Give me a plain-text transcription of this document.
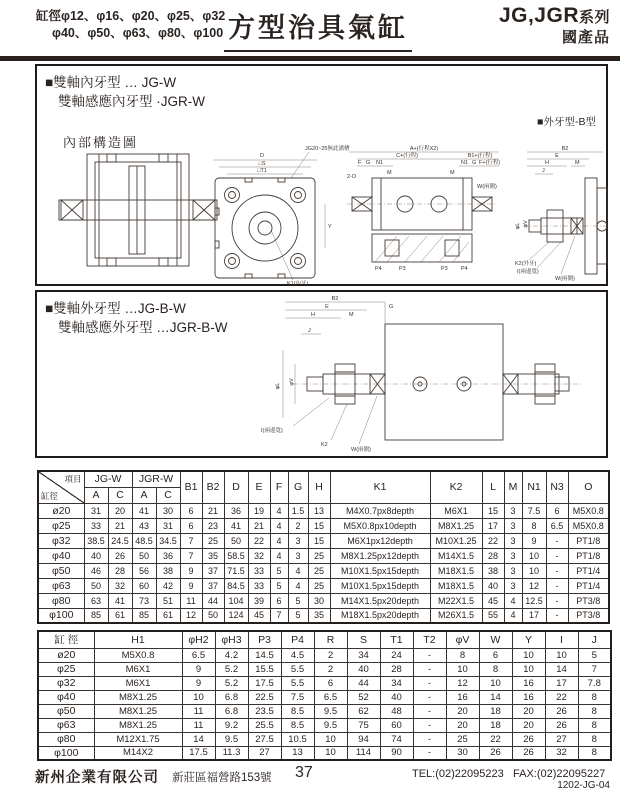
缸徑φ12、φ16、φ20、φ25、φ32
φ40、φ50、φ63、φ80、φ100 方型治具氣缸	JG,JGR系列
國產品
■雙軸內牙型 … JG-W
雙軸感應內牙型 ·JGR-W
■外牙型-B型
內部構造圖
D
□S
□T1
JG20~25無此溝槽
Y
K1(內牙)
A+(行程X2)
C+(行程)	B1+(行程)
F G N1	N1 G F+(行程)
M	M
2-O
W(兩側)
P4	P3	P3 P4
B2
E
H	M
J
φL φV
K2(外牙)
I(兩邊寬)
W(兩側)
■雙軸外牙型 …JG-B-W
雙軸感應外牙型 …JGR-B-W
B2
E	G
H	M
J
φL
φV
I(兩邊寬)
K2
W(兩側)
項目
缸徑	JG-W		JGR-W		B1	B2	D	E	F	G	H	K1	K2	L	M	N1	N3	O
	A	C	A	C														
ø20	31	20	41	30	6	21	36	19	4	1.5	13	M4X0.7px8depth	M6X1	15	3	7.5	6	M5X0.8
φ25	33	21	43	31	6	23	41	21	4	2	15	M5X0.8px10depth	M8X1.25	17	3	8	6.5	M5X0.8
φ32	38.5	24.5	48.5	34.5	7	25	50	22	4	3	15	M6X1px12depth	M10X1.25	22	3	9	-	PT1/8
φ40	40	26	50	36	7	35	58.5	32	4	3	25	M8X1.25px12depth	M14X1.5	28	3	10	-	PT1/8
φ50	46	28	56	38	9	37	71.5	33	5	4	25	M10X1.5px15depth	M18X1.5	38	3	10	-	PT1/4
φ63	50	32	60	42	9	37	84.5	33	5	4	25	M10X1.5px15depth	M18X1.5	40	3	12	-	PT1/4
φ80	63	41	73	51	11	44	104	39	6	5	30	M14X1.5px20depth	M22X1.5	45	4	12.5	-	PT3/8
φ100	85	61	85	61	12	50	124	45	7	5	35	M18X1.5px20depth	M26X1.5	55	4	17	-	PT3/8
缸 徑	H1	φH2	φH3	P3	P4	R	S	T1	T2	φV	W	Y	I	J
ø20	M5X0.8	6.5	4.2	14.5	4.5	2	34	24	-	8	6	10	10	5
φ25	M6X1	9	5.2	15.5	5.5	2	40	28	-	10	8	10	14	7
φ32	M6X1	9	5.2	17.5	5.5	6	44	34	-	12	10	16	17	7.8
φ40	M8X1.25	10	6.8	22.5	7.5	6.5	52	40	-	16	14	16	22	8
φ50	M8X1.25	11	6.8	23.5	8.5	9.5	62	48	-	20	18	20	26	8
φ63	M8X1.25	11	9.2	25.5	8.5	9.5	75	60	-	20	18	20	26	8
φ80	M12X1.75	14	9.5	27.5	10.5	10	94	74	-	25	22	26	27	8
φ100	M14X2	17.5	11.3	27	13	10	114	90	-	30	26	26	32	8
新州企業有限公司 新莊區福營路153號 37	TEL:(02)22095223 FAX:(02)22095227
1202-JG-04
